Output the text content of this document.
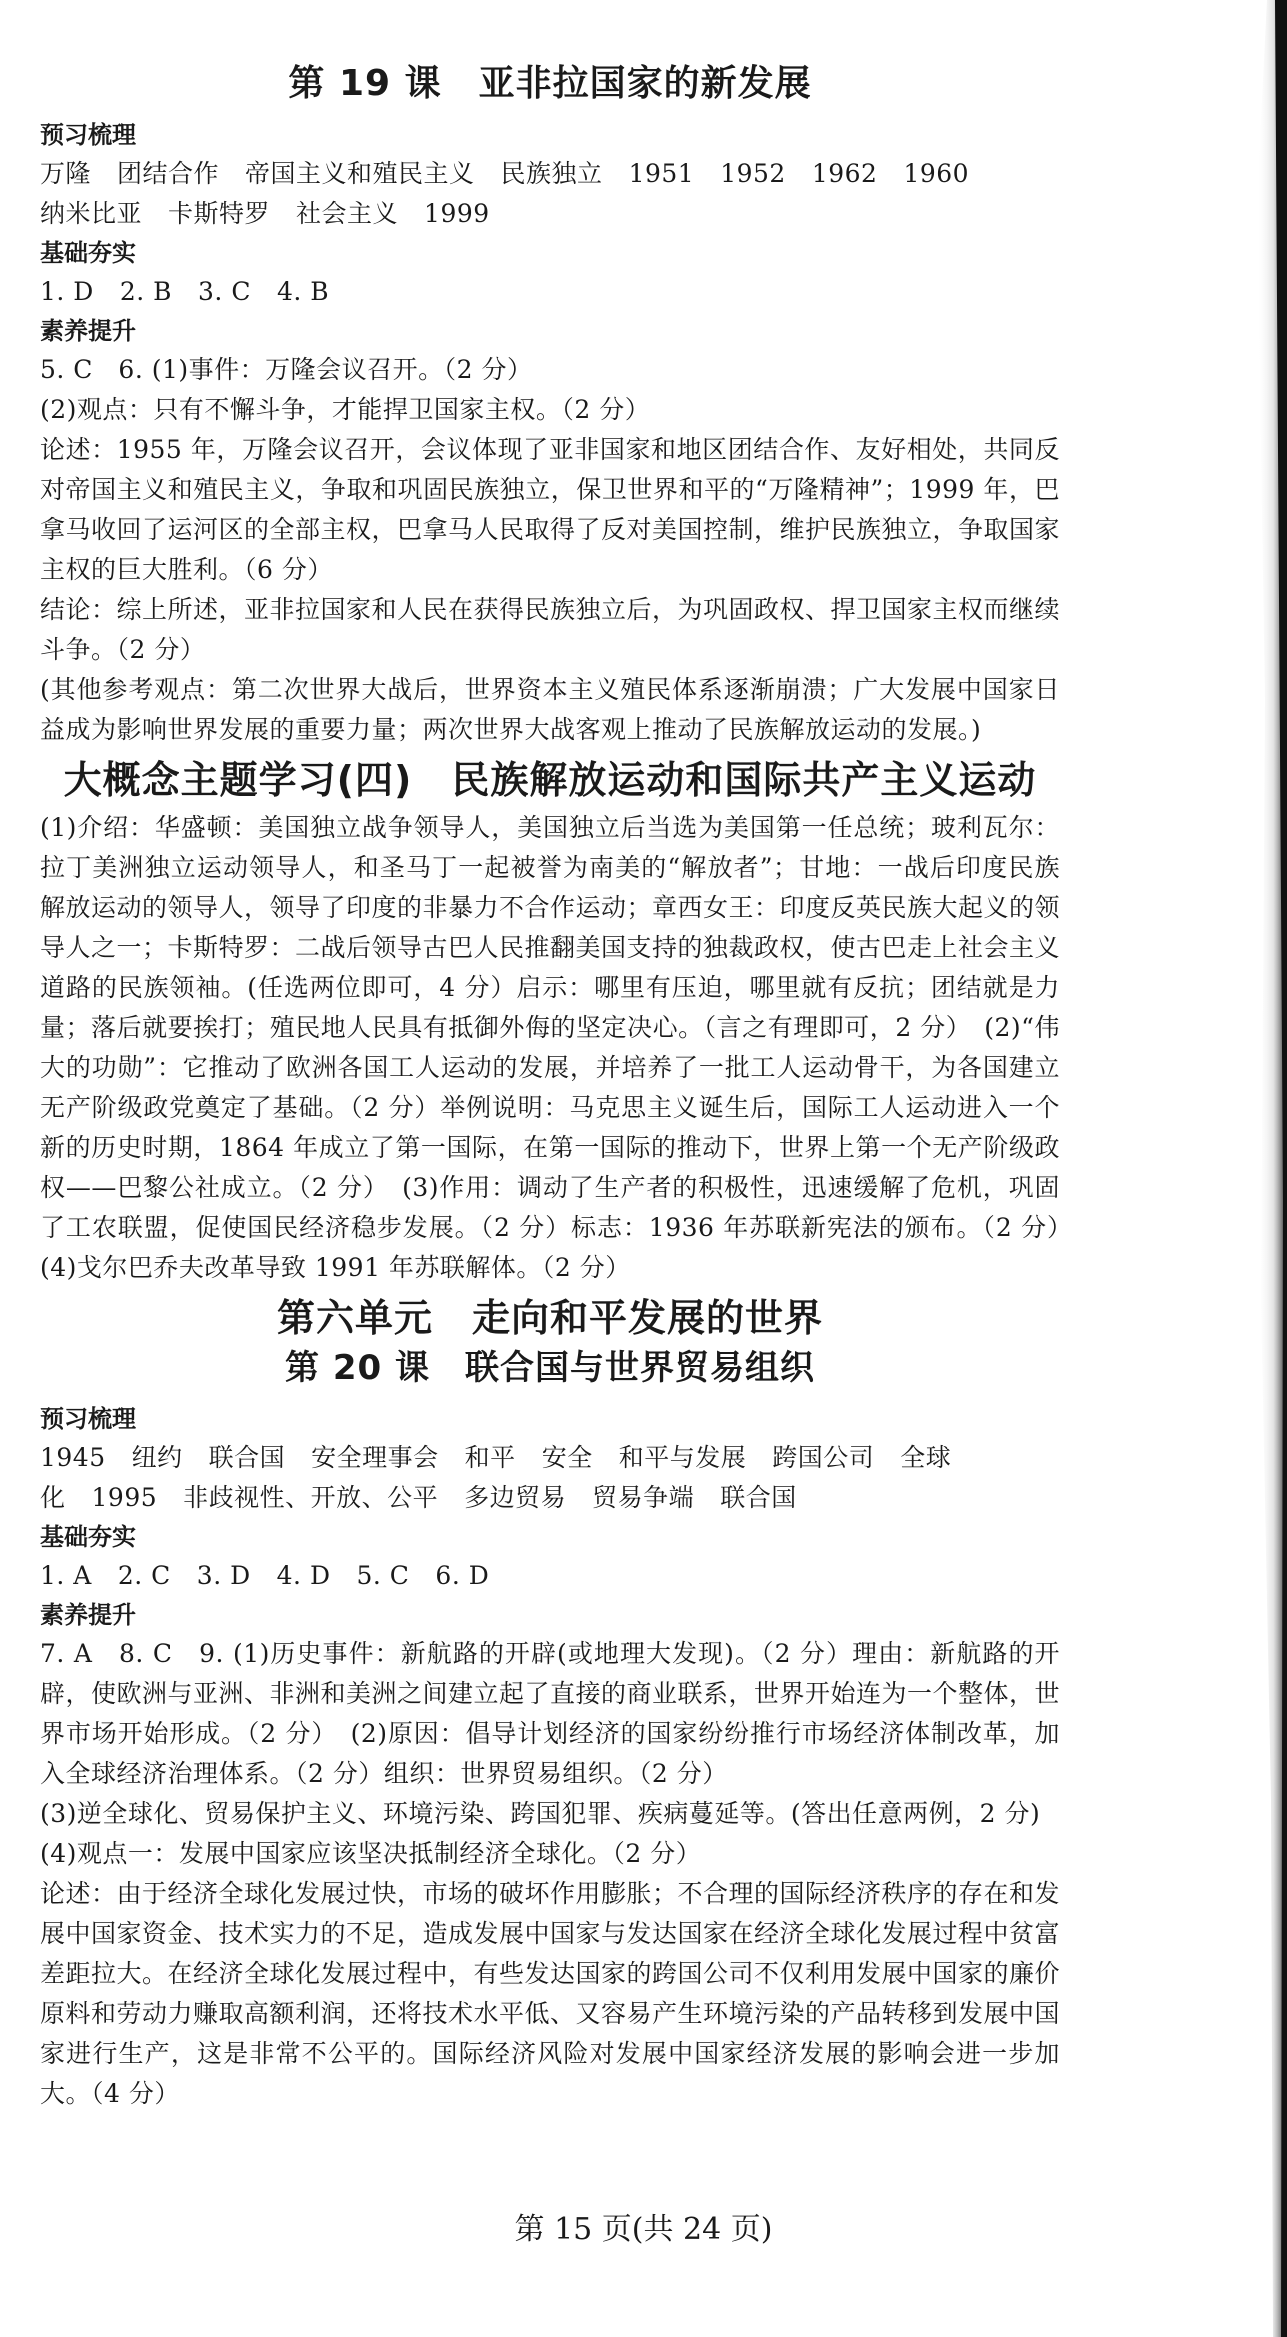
第 19 课　亚非拉国家的新发展
预习梳理

万隆 团结合作 帝国主义和殖民主义 民族独立 1951 1952 1962 1960

纳米比亚 卡斯特罗 社会主义 1999

基础夯实

1. D 2. B 3. C 4. B

素养提升

5. C　6. (1)事件：万隆会议召开。（2 分）

(2)观点：只有不懈斗争，才能捍卫国家主权。（2 分）

论述：1955 年，万隆会议召开，会议体现了亚非国家和地区团结合作、友好相处，共同反对帝国主义和殖民主义，争取和巩固民族独立，保卫世界和平的“万隆精神”；1999 年，巴拿马收回了运河区的全部主权，巴拿马人民取得了反对美国控制，维护民族独立，争取国家主权的巨大胜利。（6 分）

结论：综上所述，亚非拉国家和人民在获得民族独立后，为巩固政权、捍卫国家主权而继续斗争。（2 分）

(其他参考观点：第二次世界大战后，世界资本主义殖民体系逐渐崩溃；广大发展中国家日益成为影响世界发展的重要力量；两次世界大战客观上推动了民族解放运动的发展。)

大概念主题学习(四)　民族解放运动和国际共产主义运动

(1)介绍：华盛顿：美国独立战争领导人，美国独立后当选为美国第一任总统；玻利瓦尔：拉丁美洲独立运动领导人，和圣马丁一起被誉为南美的“解放者”；甘地：一战后印度民族解放运动的领导人，领导了印度的非暴力不合作运动；章西女王：印度反英民族大起义的领导人之一；卡斯特罗：二战后领导古巴人民推翻美国支持的独裁政权，使古巴走上社会主义道路的民族领袖。(任选两位即可，4 分）启示：哪里有压迫，哪里就有反抗；团结就是力量；落后就要挨打；殖民地人民具有抵御外侮的坚定决心。（言之有理即可，2 分）　(2)“伟大的功勋”：它推动了欧洲各国工人运动的发展，并培养了一批工人运动骨干，为各国建立无产阶级政党奠定了基础。（2 分）举例说明：马克思主义诞生后，国际工人运动进入一个新的历史时期，1864 年成立了第一国际，在第一国际的推动下，世界上第一个无产阶级政权——巴黎公社成立。（2 分）　(3)作用：调动了生产者的积极性，迅速缓解了危机，巩固了工农联盟，促使国民经济稳步发展。（2 分）标志：1936 年苏联新宪法的颁布。（2 分）　(4)戈尔巴乔夫改革导致 1991 年苏联解体。（2 分）

第六单元　走向和平发展的世界
第 20 课　联合国与世界贸易组织
预习梳理

1945 纽约 联合国 安全理事会 和平 安全 和平与发展 跨国公司 全球

化 1995 非歧视性、开放、公平 多边贸易 贸易争端 联合国

基础夯实

1. A 2. C 3. D 4. D 5. C 6. D

素养提升

7. A　8. C　9. (1)历史事件：新航路的开辟(或地理大发现)。（2 分）理由：新航路的开辟，使欧洲与亚洲、非洲和美洲之间建立起了直接的商业联系，世界开始连为一个整体，世界市场开始形成。（2 分）　(2)原因：倡导计划经济的国家纷纷推行市场经济体制改革，加入全球经济治理体系。（2 分）组织：世界贸易组织。（2 分）

(3)逆全球化、贸易保护主义、环境污染、跨国犯罪、疾病蔓延等。(答出任意两例，2 分)

(4)观点一：发展中国家应该坚决抵制经济全球化。（2 分）

论述：由于经济全球化发展过快，市场的破坏作用膨胀；不合理的国际经济秩序的存在和发展中国家资金、技术实力的不足，造成发展中国家与发达国家在经济全球化发展过程中贫富差距拉大。在经济全球化发展过程中，有些发达国家的跨国公司不仅利用发展中国家的廉价原料和劳动力赚取高额利润，还将技术水平低、又容易产生环境污染的产品转移到发展中国家进行生产，这是非常不公平的。国际经济风险对发展中国家经济发展的影响会进一步加大。（4 分）

第 15 页(共 24 页)
